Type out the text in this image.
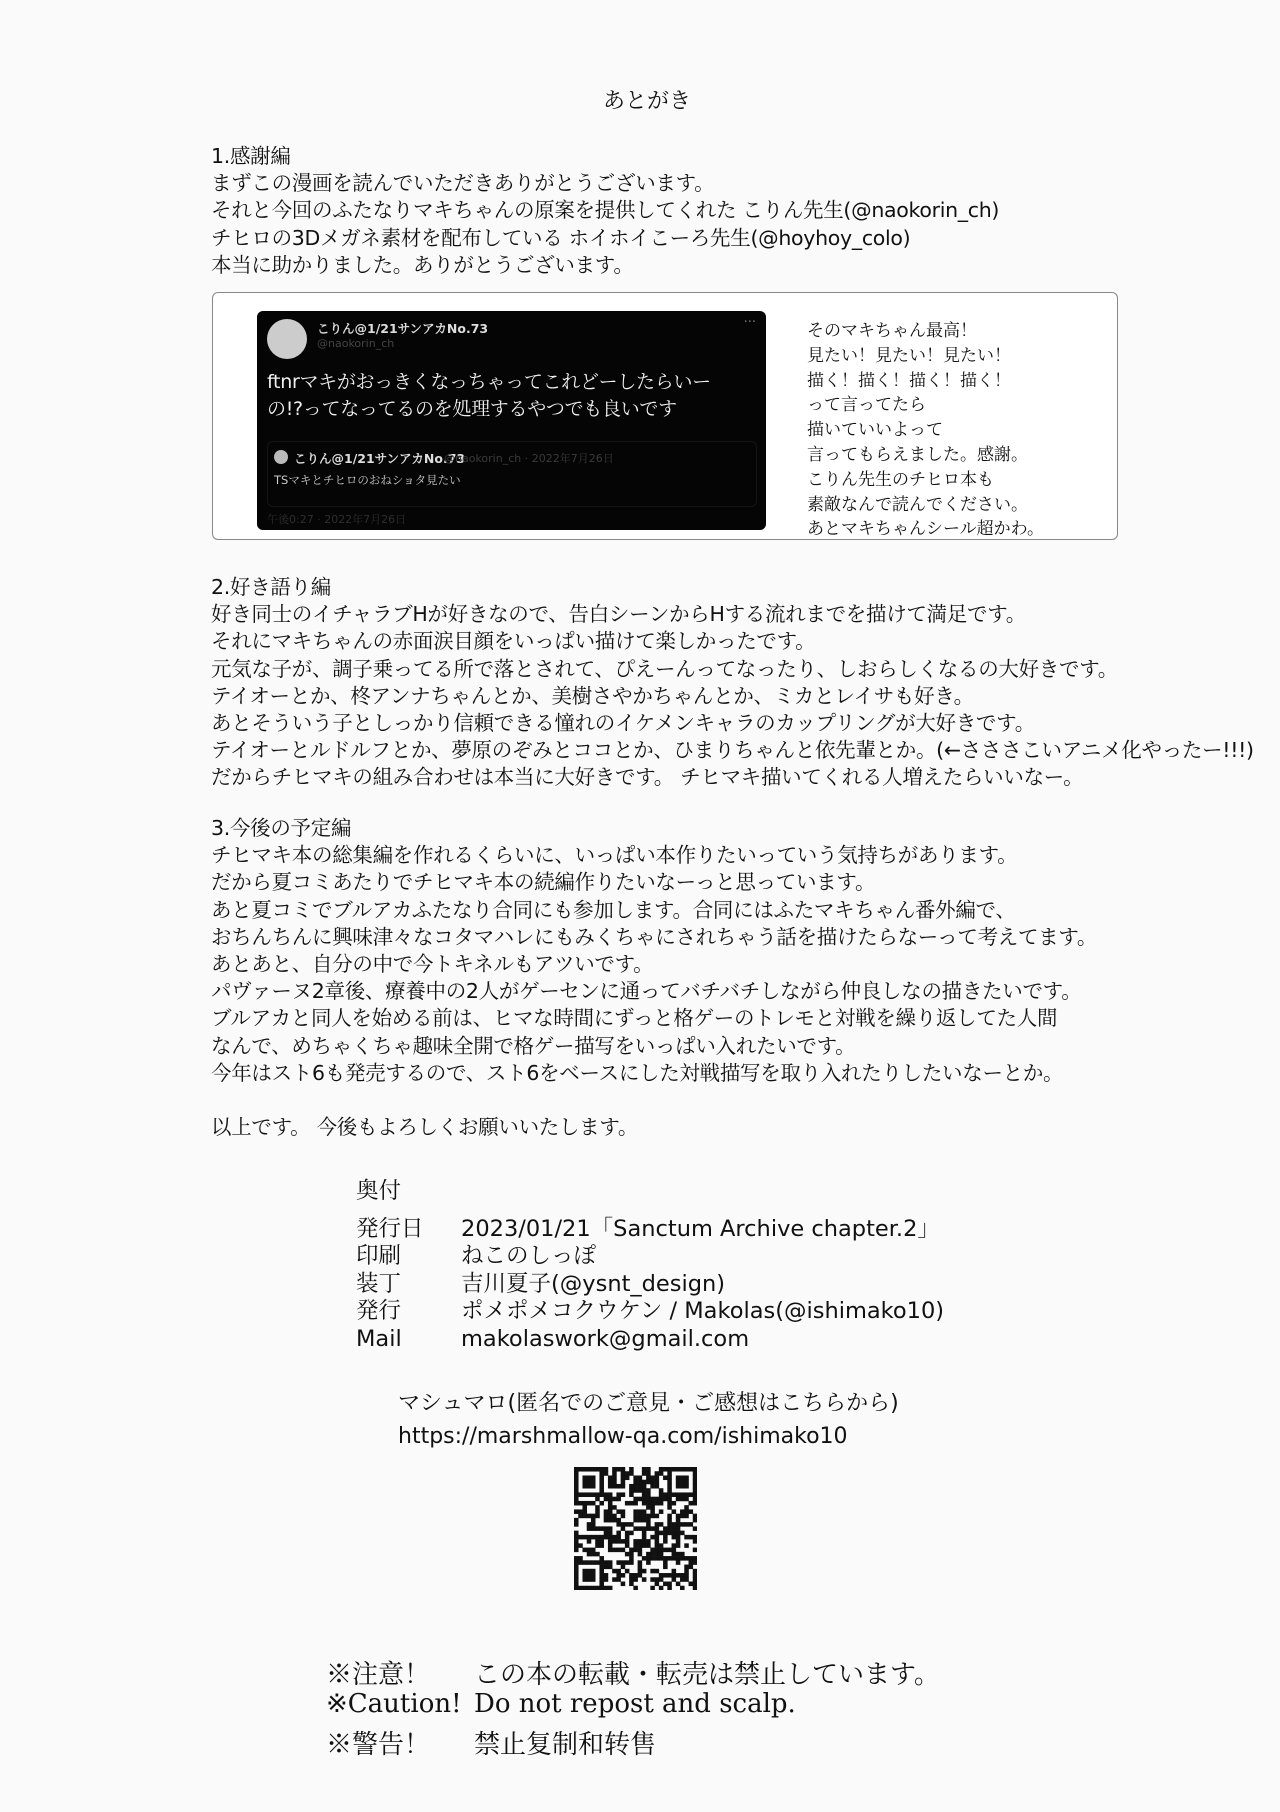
あとがき
1.感謝編
まずこの漫画を読んでいただきありがとうございます。
それと今回のふたなりマキちゃんの原案を提供してくれた こりん先生(@naokorin_ch)
チヒロの3Dメガネ素材を配布している ホイホイこーろ先生(@hoyhoy_colo)
本当に助かりました。ありがとうございます。
こりん@1/21サンアカNo.73
@naokorin_ch
···
ftnrマキがおっきくなっちゃってこれどーしたらいー
の!?ってなってるのを処理するやつでも良いです
こりん@1/21サンアカNo.73
@naokorin_ch · 2022年7月26日
TSマキとチヒロのおねショタ見たい
午後0:27 · 2022年7月26日
そのマキちゃん最高！
見たい！見たい！見たい！
描く！描く！描く！描く！
って言ってたら
描いていいよって
言ってもらえました。感謝。
こりん先生のチヒロ本も
素敵なんで読んでください。
あとマキちゃんシール超かわ。
2.好き語り編
好き同士のイチャラブHが好きなので、告白シーンからHする流れまでを描けて満足です。
それにマキちゃんの赤面涙目顔をいっぱい描けて楽しかったです。
元気な子が、調子乗ってる所で落とされて、ぴえーんってなったり、しおらしくなるの大好きです。
テイオーとか、柊アンナちゃんとか、美樹さやかちゃんとか、ミカとレイサも好き。
あとそういう子としっかり信頼できる憧れのイケメンキャラのカップリングが大好きです。
テイオーとルドルフとか、夢原のぞみとココとか、ひまりちゃんと依先輩とか。(←さささこいアニメ化やったー!!!)
だからチヒマキの組み合わせは本当に大好きです。 チヒマキ描いてくれる人増えたらいいなー。
3.今後の予定編
チヒマキ本の総集編を作れるくらいに、いっぱい本作りたいっていう気持ちがあります。
だから夏コミあたりでチヒマキ本の続編作りたいなーっと思っています。
あと夏コミでブルアカふたなり合同にも参加します。合同にはふたマキちゃん番外編で、
おちんちんに興味津々なコタマハレにもみくちゃにされちゃう話を描けたらなーって考えてます。
あとあと、自分の中で今トキネルもアツいです。
パヴァーヌ2章後、療養中の2人がゲーセンに通ってバチバチしながら仲良しなの描きたいです。
ブルアカと同人を始める前は、ヒマな時間にずっと格ゲーのトレモと対戦を繰り返してた人間
なんで、めちゃくちゃ趣味全開で格ゲー描写をいっぱい入れたいです。
今年はスト6も発売するので、スト6をベースにした対戦描写を取り入れたりしたいなーとか。
以上です。 今後もよろしくお願いいたします。
奥付
発行日	2023/01/21「Sanctum Archive chapter.2」
印刷	ねこのしっぽ
装丁	吉川夏子(@ysnt_design)
発行	ポメポメコクウケン / Makolas(@ishimako10)
Mail	makolaswork@gmail.com
マシュマロ(匿名でのご意見・ご感想はこちらから)
https://marshmallow-qa.com/ishimako10
※注意！	この本の転載・転売は禁止しています。
※Caution! Do not repost and scalp.
※警告！	禁止复制和转售
